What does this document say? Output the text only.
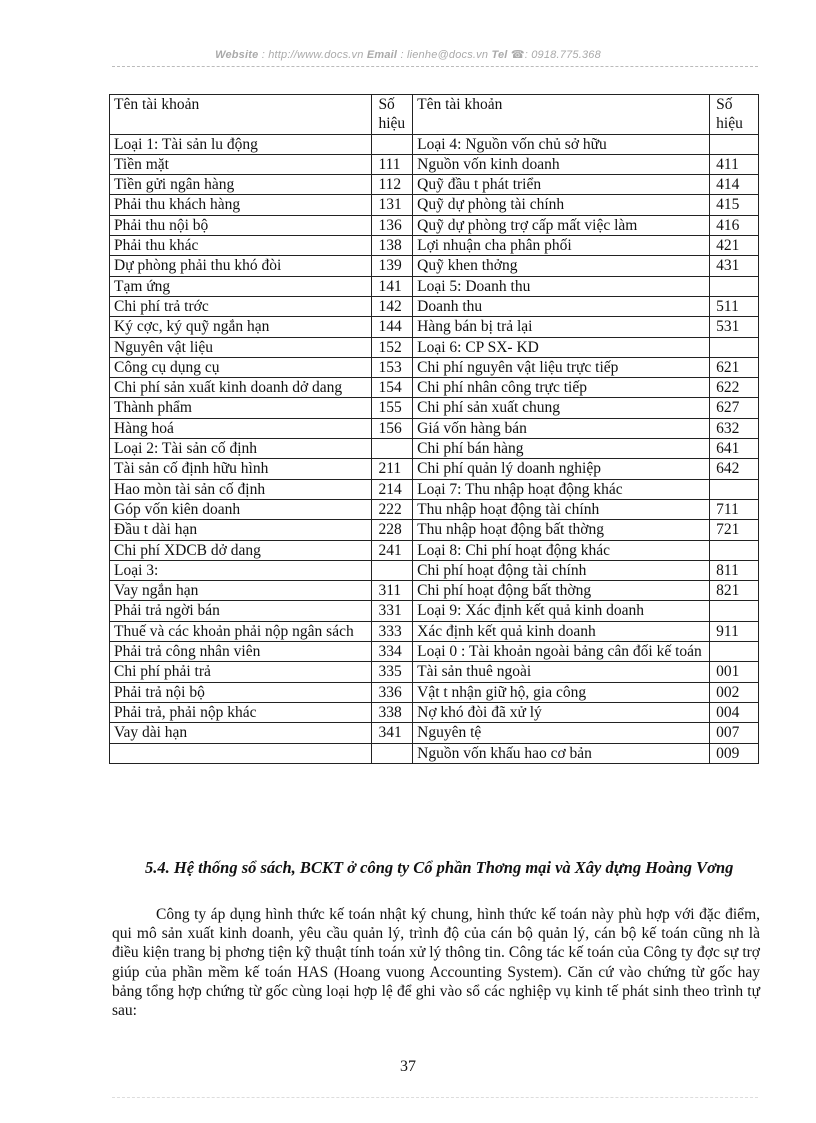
Website : http://www.docs.vn Email : lienhe@docs.vn Tel ☎: 0918.775.368
Tên tài khoản	Số hiệu	Tên tài khoản	Số hiệu
Loại 1: Tài sản lu động		Loại 4: Nguồn vốn chủ sở hữu	
Tiền mặt	111	Nguồn vốn kinh doanh	411
Tiền gửi ngân hàng	112	Quỹ đầu t phát triển	414
Phải thu khách hàng	131	Quỹ dự phòng tài chính	415
Phải thu nội bộ	136	Quỹ dự phòng trợ cấp mất việc làm	416
Phải thu khác	138	Lợi nhuận cha phân phối	421
Dự phòng phải thu khó đòi	139	Quỹ khen thởng	431
Tạm ứng	141	Loại 5: Doanh thu	
Chi phí trả trớc	142	Doanh thu	511
Ký cợc, ký quỹ ngắn hạn	144	Hàng bán bị trả lại	531
Nguyên vật liệu	152	Loại 6: CP SX- KD	
Công cụ dụng cụ	153	Chi phí nguyên vật liệu trực tiếp	621
Chi phí sản xuất kinh doanh dở dang	154	Chi phí nhân công trực tiếp	622
Thành phẩm	155	Chi phí sản xuất chung	627
Hàng hoá	156	Giá vốn hàng bán	632
Loại 2: Tài sản cố định		Chi phí bán hàng	641
Tài sản cố định hữu hình	211	Chi phí quản lý doanh nghiệp	642
Hao mòn tài sản cố định	214	Loại 7: Thu nhập hoạt động khác	
Góp vốn kiên doanh	222	Thu nhập hoạt động tài chính	711
Đầu t dài hạn	228	Thu nhập hoạt động bất thờng	721
Chi phí XDCB dở dang	241	Loại 8: Chi phí hoạt động khác	
Loại 3:		Chi phí hoạt động tài chính	811
Vay ngắn hạn	311	Chi phí hoạt động bất thờng	821
Phải trả ngời bán	331	Loại 9: Xác định kết quả kinh doanh	
Thuế và các khoản phải nộp ngân sách	333	Xác định kết quả kinh doanh	911
Phải trả công nhân viên	334	Loại 0 : Tài khoản ngoài bảng cân đối kế toán	
Chi phí phải trả	335	Tài sản thuê ngoài	001
Phải trả nội bộ	336	Vật t nhận giữ hộ, gia công	002
Phải trả, phải nộp khác	338	Nợ khó đòi đã xử lý	004
Vay dài hạn	341	Nguyên tệ	007
		Nguồn vốn khấu hao cơ bản	009
5.4. Hệ thống sổ sách, BCKT ở công ty Cổ phần Thơng mại và Xây dựng Hoàng Vơng
Công ty áp dụng hình thức kế toán nhật ký chung, hình thức kế toán này phù hợp với đặc điểm, qui mô sản xuất kinh doanh, yêu cầu quản lý, trình độ của cán bộ quản lý, cán bộ kế toán cũng nh là điều kiện trang bị phơng tiện kỹ thuật tính toán xử lý thông tin. Công tác kế toán của Công ty đợc sự trợ giúp của phần mềm kế toán HAS (Hoang vuong Accounting System). Căn cứ vào chứng từ gốc hay bảng tổng hợp chứng từ gốc cùng loại hợp lệ để ghi vào sổ các nghiệp vụ kinh tế phát sinh theo trình tự sau:
37
